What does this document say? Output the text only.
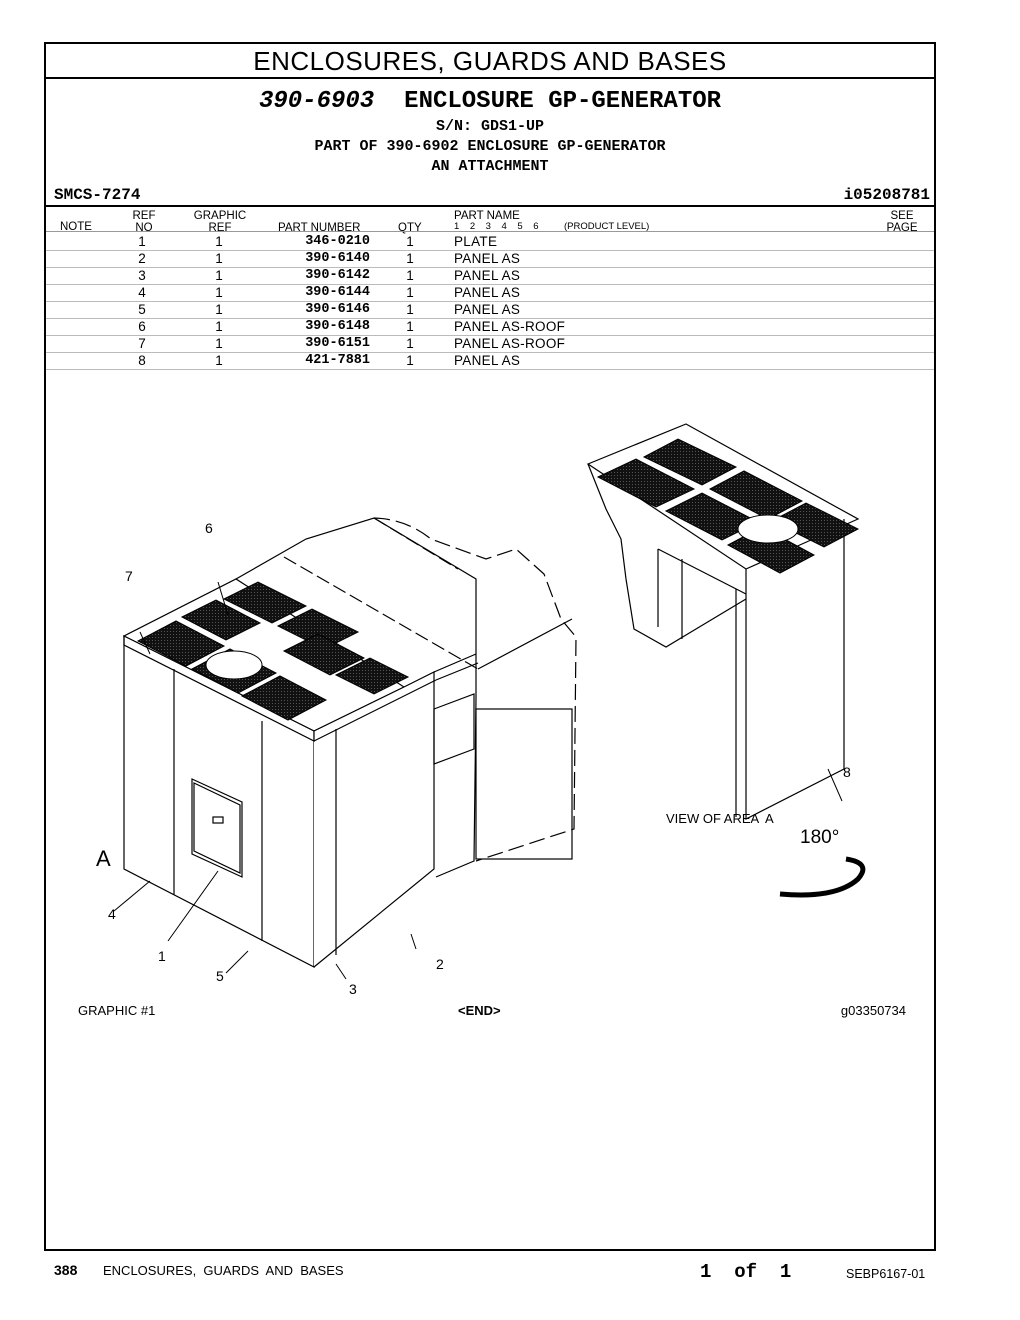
ENCLOSURES, GUARDS AND BASES
390-6903 ENCLOSURE GP-GENERATOR
S/N: GDS1-UP
PART OF 390-6902 ENCLOSURE GP-GENERATOR
AN ATTACHMENT
SMCS-7274	i05208781
NOTE
REF
NO
GRAPHIC
REF	PART NUMBER	QTY
PART NAME
1    2    3    4    5    6	(PRODUCT LEVEL)
SEE
PAGE
1	1	346-0210	1	PLATE
2	1	390-6140	1	PANEL AS
3	1	390-6142	1	PANEL AS
4	1	390-6144	1	PANEL AS
5	1	390-6146	1	PANEL AS
6	1	390-6148	1	PANEL AS-ROOF
7	1	390-6151	1	PANEL AS-ROOF
8	1	421-7881	1	PANEL AS
6
7
A
4
1
5
3
2
8
VIEW OF AREA  A
180°
GRAPHIC #1	<END>	g03350734
388 ENCLOSURES,  GUARDS  AND  BASES	1  of  1	SEBP6167-01
